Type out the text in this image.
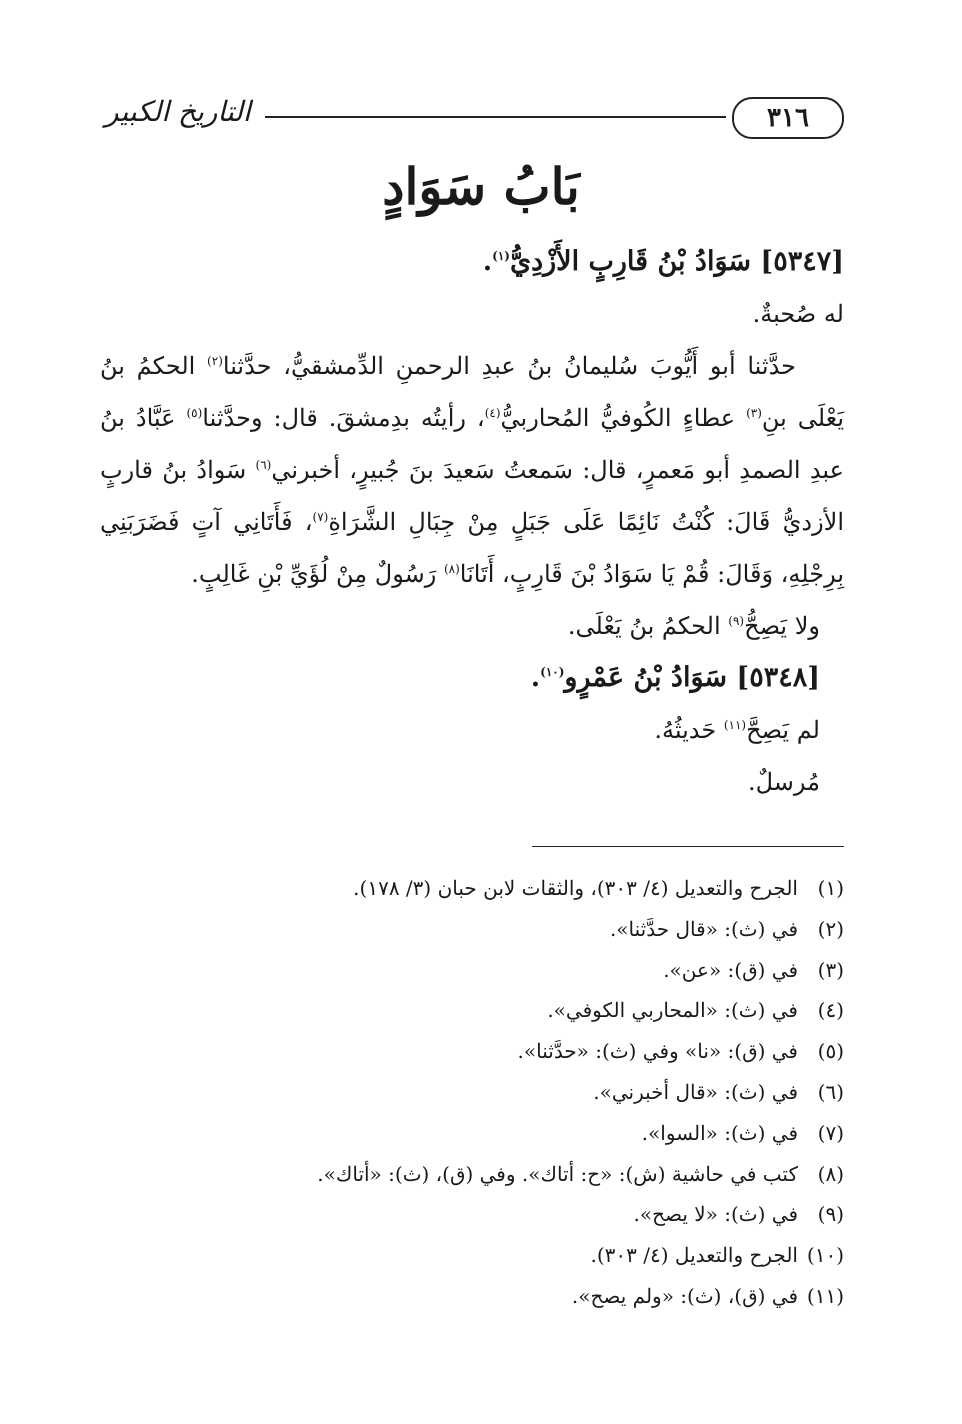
٣١٦
التاريخ الكبير
بَابُ سَوَادٍ
[٥٣٤٧] سَوَادُ بْنُ قَارِبٍ الأَزْدِيُّ$^{(١)}$.
له صُحبةٌ.
حدَّثنا أبو أَيُّوبَ سُليمانُ بنُ عبدِ الرحمنِ الدِّمشقيُّ، حدَّثنا$^{(٢)}$ الحكمُ بنُ
يَعْلَى بنِ$^{(٣)}$ عطاءٍ الكُوفيُّ المُحاربيُّ$^{(٤)}$، رأيتُه بدِمشقَ. قال: وحدَّثنا$^{(٥)}$ عَبَّادُ بنُ
عبدِ الصمدِ أبو مَعمرٍ، قال: سَمعتُ سَعيدَ بنَ جُبيرٍ، أخبرني$^{(٦)}$ سَوادُ بنُ قاربٍ
الأزديُّ قَالَ: كُنْتُ نَائِمًا عَلَى جَبَلٍ مِنْ جِبَالِ الشَّرَاةِ$^{(٧)}$، فَأَتَانِي آتٍ فَضَرَبَنِي
بِرِجْلِهِ، وَقَالَ: قُمْ يَا سَوَادُ بْنَ قَارِبٍ، أَتَانَا$^{(٨)}$ رَسُولٌ مِنْ لُؤَيِّ بْنِ غَالِبٍ.
ولا يَصِحُّ$^{(٩)}$ الحكمُ بنُ يَعْلَى.
[٥٣٤٨] سَوَادُ بْنُ عَمْرٍو$^{(١٠)}$.
لم يَصِحَّ$^{(١١)}$ حَديثُهُ.
مُرسلٌ.
(١)الجرح والتعديل (٤/ ٣٠٣)، والثقات لابن حبان (٣/ ١٧٨).
(٢)في (ث): «قال حدَّثنا».
(٣)في (ق): «عن».
(٤)في (ث): «المحاربي الكوفي».
(٥)في (ق): «نا» وفي (ث): «حدَّثنا».
(٦)في (ث): «قال أخبرني».
(٧)في (ث): «السوا».
(٨)كتب في حاشية (ش): «ح: أتاك». وفي (ق)، (ث): «أتاك».
(٩)في (ث): «لا يصح».
(١٠)الجرح والتعديل (٤/ ٣٠٣).
(١١)في (ق)، (ث): «ولم يصح».
